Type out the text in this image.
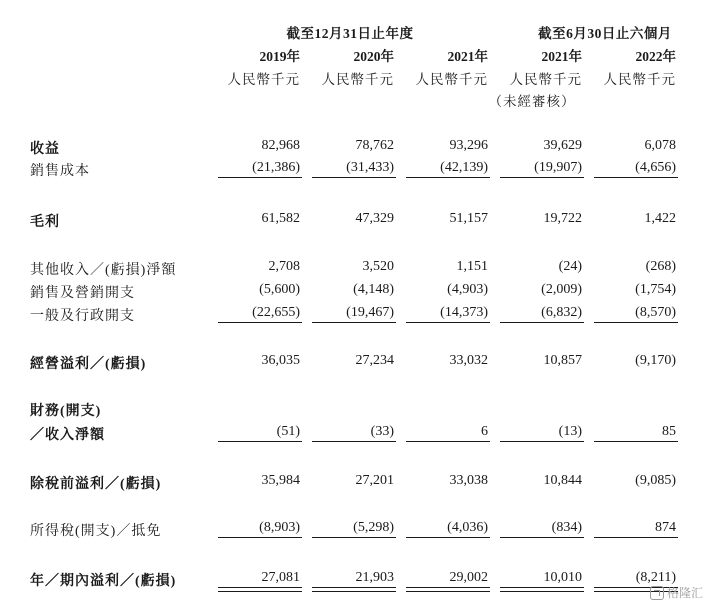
截至12月31日止年度	截至6月30日止六個月
2019年	2020年	2021年	2021年	2022年
人民幣千元	人民幣千元	人民幣千元	人民幣千元	人民幣千元
（未經審核）
收益	82,968	78,762	93,296	39,629	6,078
銷售成本	(21,386)	(31,433)	(42,139)	(19,907)	(4,656)
毛利	61,582	47,329	51,157	19,722	1,422
其他收入／(虧損)淨額	2,708	3,520	1,151	(24)	(268)
銷售及營銷開支	(5,600)	(4,148)	(4,903)	(2,009)	(1,754)
一般及行政開支	(22,655)	(19,467)	(14,373)	(6,832)	(8,570)
經營溢利／(虧損)	36,035	27,234	33,032	10,857	(9,170)
財務(開支)
／收入淨額	(51)	(33)	6	(13)	85
除稅前溢利／(虧損)	35,984	27,201	33,038	10,844	(9,085)
所得稅(開支)／抵免	(8,903)	(5,298)	(4,036)	(834)	874
年／期內溢利／(虧損)	27,081	21,903	29,002	10,010	(8,211)
格隆汇
